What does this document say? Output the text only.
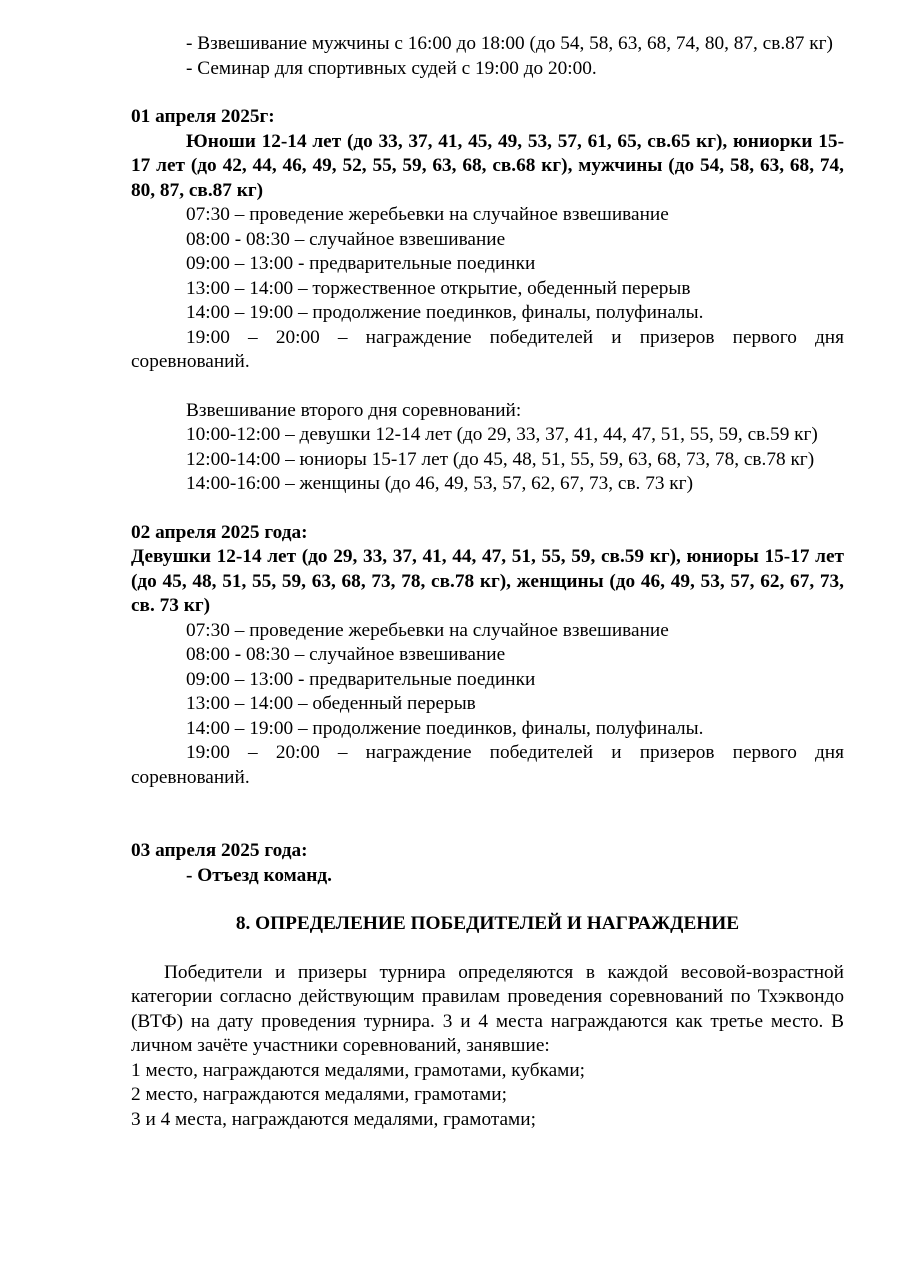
- Взвешивание мужчины с 16:00 до 18:00 (до 54, 58, 63, 68, 74, 80, 87, св.87 кг)

- Семинар для спортивных судей с 19:00 до 20:00.

01 апреля 2025г:

Юноши 12-14 лет (до 33, 37, 41, 45, 49, 53, 57, 61, 65, св.65 кг), юниорки 15-17 лет (до 42, 44, 46, 49, 52, 55, 59, 63, 68, св.68 кг), мужчины (до 54, 58, 63, 68, 74, 80, 87, св.87 кг)

07:30 – проведение жеребьевки на случайное взвешивание

08:00 - 08:30 – случайное взвешивание

09:00 – 13:00 - предварительные поединки

13:00 – 14:00 – торжественное открытие, обеденный перерыв

14:00 – 19:00 – продолжение поединков, финалы, полуфиналы.

19:00 – 20:00 – награждение победителей и призеров первого дня соревнований.

Взвешивание второго дня соревнований:

10:00-12:00 – девушки 12-14 лет (до 29, 33, 37, 41, 44, 47, 51, 55, 59, св.59 кг)

12:00-14:00 – юниоры 15-17 лет (до 45, 48, 51, 55, 59, 63, 68, 73, 78, св.78 кг)

14:00-16:00 – женщины (до 46, 49, 53, 57, 62, 67, 73, св. 73 кг)

02 апреля 2025 года:

Девушки 12-14 лет (до 29, 33, 37, 41, 44, 47, 51, 55, 59, св.59 кг), юниоры 15-17 лет (до 45, 48, 51, 55, 59, 63, 68, 73, 78, св.78 кг), женщины (до 46, 49, 53, 57, 62, 67, 73, св. 73 кг)

07:30 – проведение жеребьевки на случайное взвешивание

08:00 - 08:30 – случайное взвешивание

09:00 – 13:00 - предварительные поединки

13:00 – 14:00 – обеденный перерыв

14:00 – 19:00 – продолжение поединков, финалы, полуфиналы.

19:00 – 20:00 – награждение победителей и призеров первого дня соревнований.

03 апреля 2025 года:

- Отъезд команд.

8. ОПРЕДЕЛЕНИЕ ПОБЕДИТЕЛЕЙ И НАГРАЖДЕНИЕ

Победители и призеры турнира определяются в каждой весовой-возрастной категории согласно действующим правилам проведения соревнований по Тхэквондо (ВТФ) на дату проведения турнира. 3 и 4 места награждаются как третье место. В личном зачёте участники соревнований, занявшие:

1 место, награждаются медалями, грамотами, кубками;

2 место, награждаются медалями, грамотами;

3 и 4 места, награждаются медалями, грамотами;
